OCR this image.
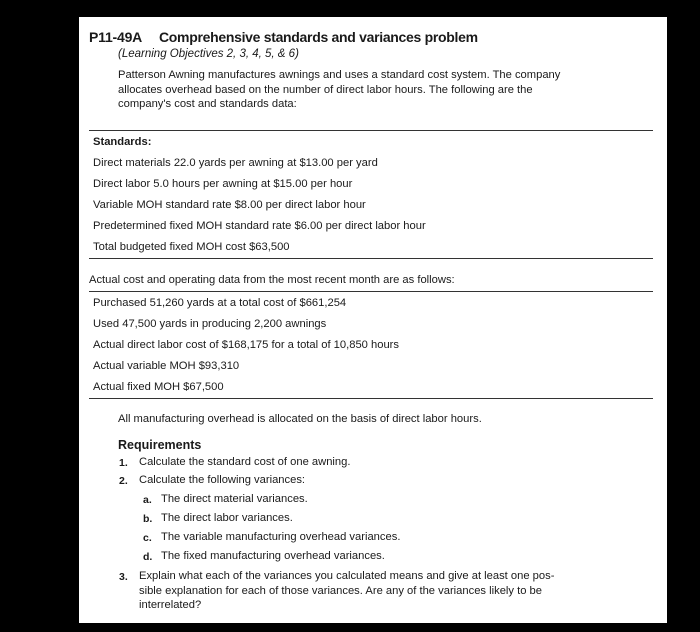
P11-49A Comprehensive standards and variances problem
(Learning Objectives 2, 3, 4, 5, & 6)

Patterson Awning manufactures awnings and uses a standard cost system. The company

allocates overhead based on the number of direct labor hours. The following are the

company's cost and standards data:

Standards:
Direct materials 22.0 yards per awning at $13.00 per yard
Direct labor 5.0 hours per awning at $15.00 per hour
Variable MOH standard rate $8.00 per direct labor hour
Predetermined fixed MOH standard rate $6.00 per direct labor hour
Total budgeted fixed MOH cost $63,500
Actual cost and operating data from the most recent month are as follows:
Purchased 51,260 yards at a total cost of $661,254
Used 47,500 yards in producing 2,200 awnings
Actual direct labor cost of $168,175 for a total of 10,850 hours
Actual variable MOH $93,310
Actual fixed MOH $67,500
All manufacturing overhead is allocated on the basis of direct labor hours.
Requirements
1. Calculate the standard cost of one awning.
2. Calculate the following variances:
a. The direct material variances.
b. The direct labor variances.
c. The variable manufacturing overhead variances.
d. The fixed manufacturing overhead variances.
3. Explain what each of the variances you calculated means and give at least one pos-
sible explanation for each of those variances. Are any of the variances likely to be
interrelated?
